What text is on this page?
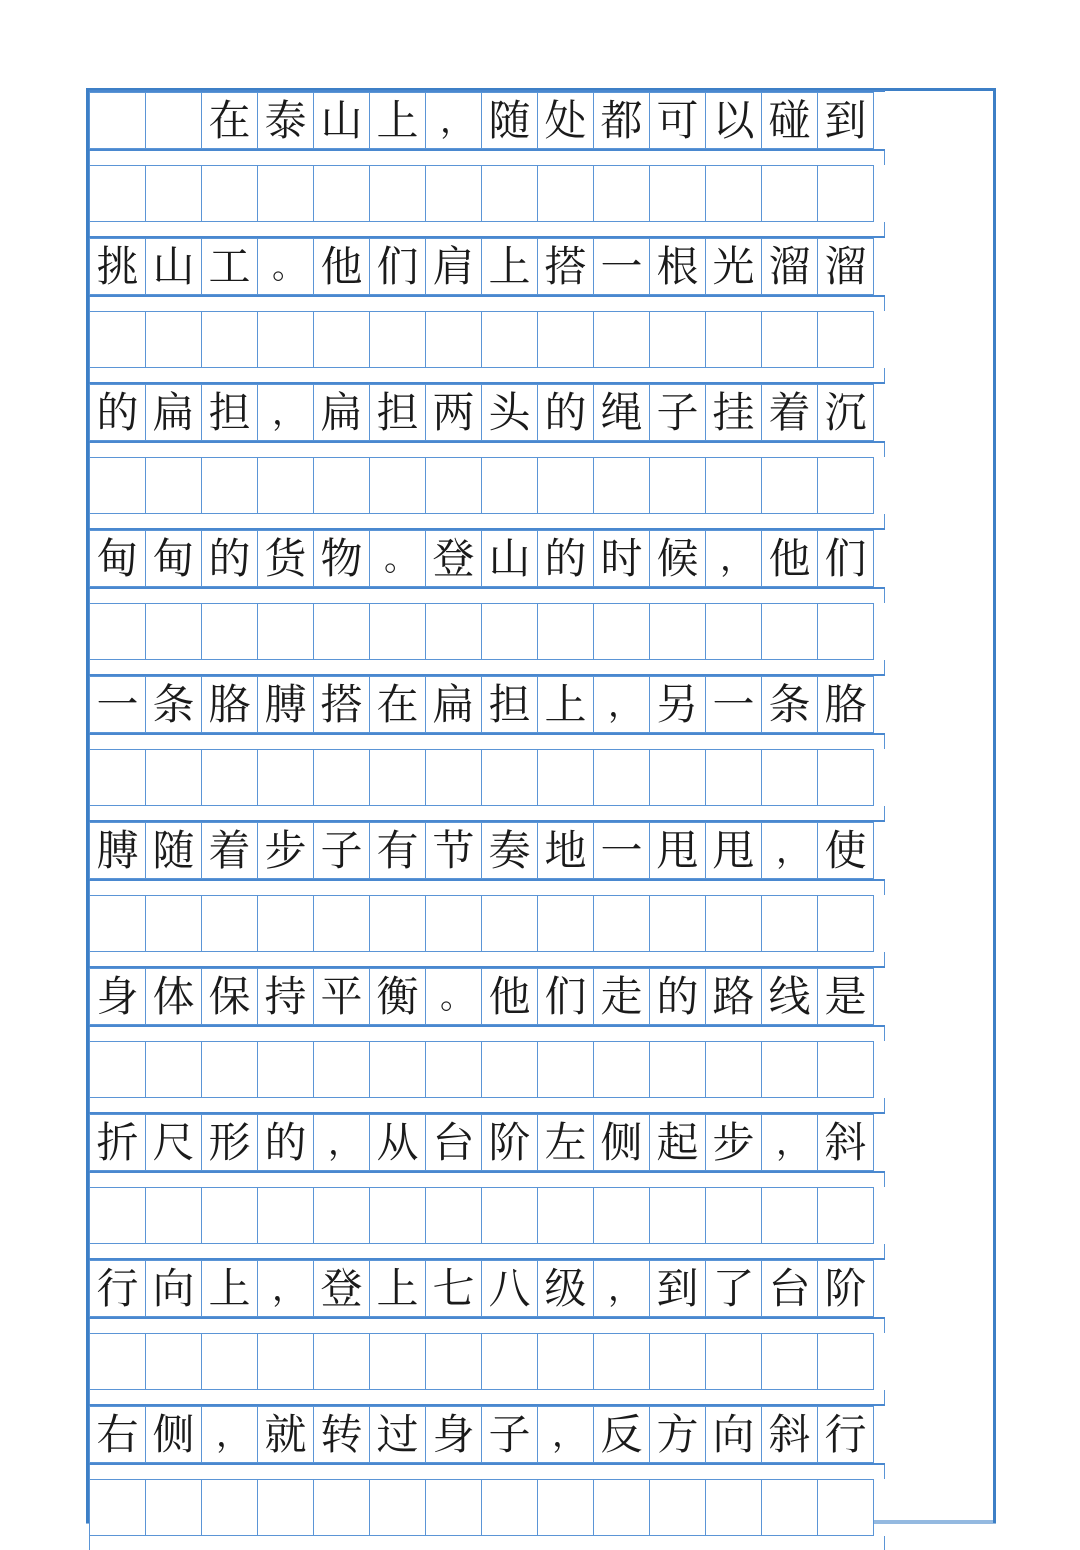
在 泰 山 上 ， 随 处 都 可 以 碰 到
挑 山 工 。 他 们 肩 上 搭 一 根 光 溜 溜
的 扁 担 ， 扁 担 两 头 的 绳 子 挂 着 沉
甸 甸 的 货 物 。 登 山 的 时 候 ， 他 们
一 条 胳 膊 搭 在 扁 担 上 ， 另 一 条 胳
膊 随 着 步 子 有 节 奏 地 一 甩 甩 ， 使
身 体 保 持 平 衡 。 他 们 走 的 路 线 是
折 尺 形 的 ， 从 台 阶 左 侧 起 步 ， 斜
行 向 上 ， 登 上 七 八 级 ， 到 了 台 阶
右 侧 ， 就 转 过 身 子 ， 反 方 向 斜 行
